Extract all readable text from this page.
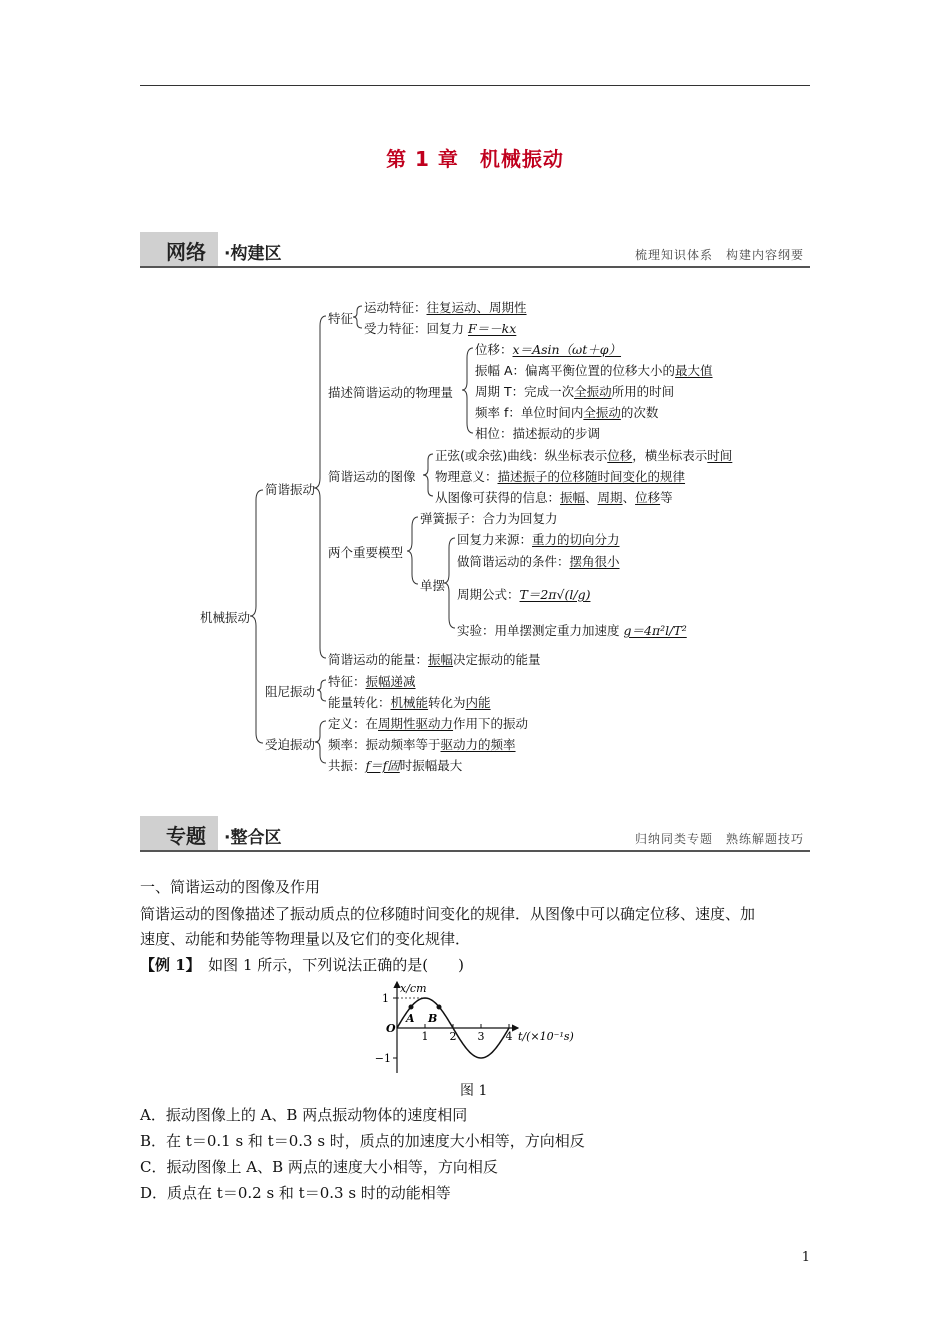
第 1 章　机械振动
网络 ·构建区	梳理知识体系　构建内容纲要
机械振动
简谐振动
特征
运动特征：往复运动、周期性
受力特征：回复力 F＝－kx
描述简谐运动的物理量
位移：x＝Asin（ωt＋φ）
振幅 A：偏离平衡位置的位移大小的最大值
周期 T：完成一次全振动所用的时间
频率 f：单位时间内全振动的次数
相位：描述振动的步调
简谐运动的图像
正弦(或余弦)曲线：纵坐标表示位移，横坐标表示时间
物理意义：描述振子的位移随时间变化的规律
从图像可获得的信息：振幅、周期、位移等
两个重要模型
弹簧振子：合力为回复力
单摆
回复力来源：重力的切向分力
做简谐运动的条件：摆角很小
周期公式：T＝2π√(l/g)
实验：用单摆测定重力加速度 g＝4π²l/T²
简谐运动的能量：振幅决定振动的能量
阻尼振动
特征：振幅递减
能量转化：机械能转化为内能
受迫振动
定义：在周期性驱动力作用下的振动
频率：振动频率等于驱动力的频率
共振：f＝f固时振幅最大
专题 ·整合区	归纳同类专题　熟练解题技巧
一、简谐运动的图像及作用
简谐运动的图像描述了振动质点的位移随时间变化的规律．从图像中可以确定位移、速度、加
速度、动能和势能等物理量以及它们的变化规律．
【例 1】　如图 1 所示，下列说法正确的是(　　)
x/cm
O
1
−1
1 2 3 4
A B
t/(×10⁻¹s)
图 1
A．振动图像上的 A、B 两点振动物体的速度相同
B．在 t＝0.1 s 和 t＝0.3 s 时，质点的加速度大小相等，方向相反
C．振动图像上 A、B 两点的速度大小相等，方向相反
D．质点在 t＝0.2 s 和 t＝0.3 s 时的动能相等
1
